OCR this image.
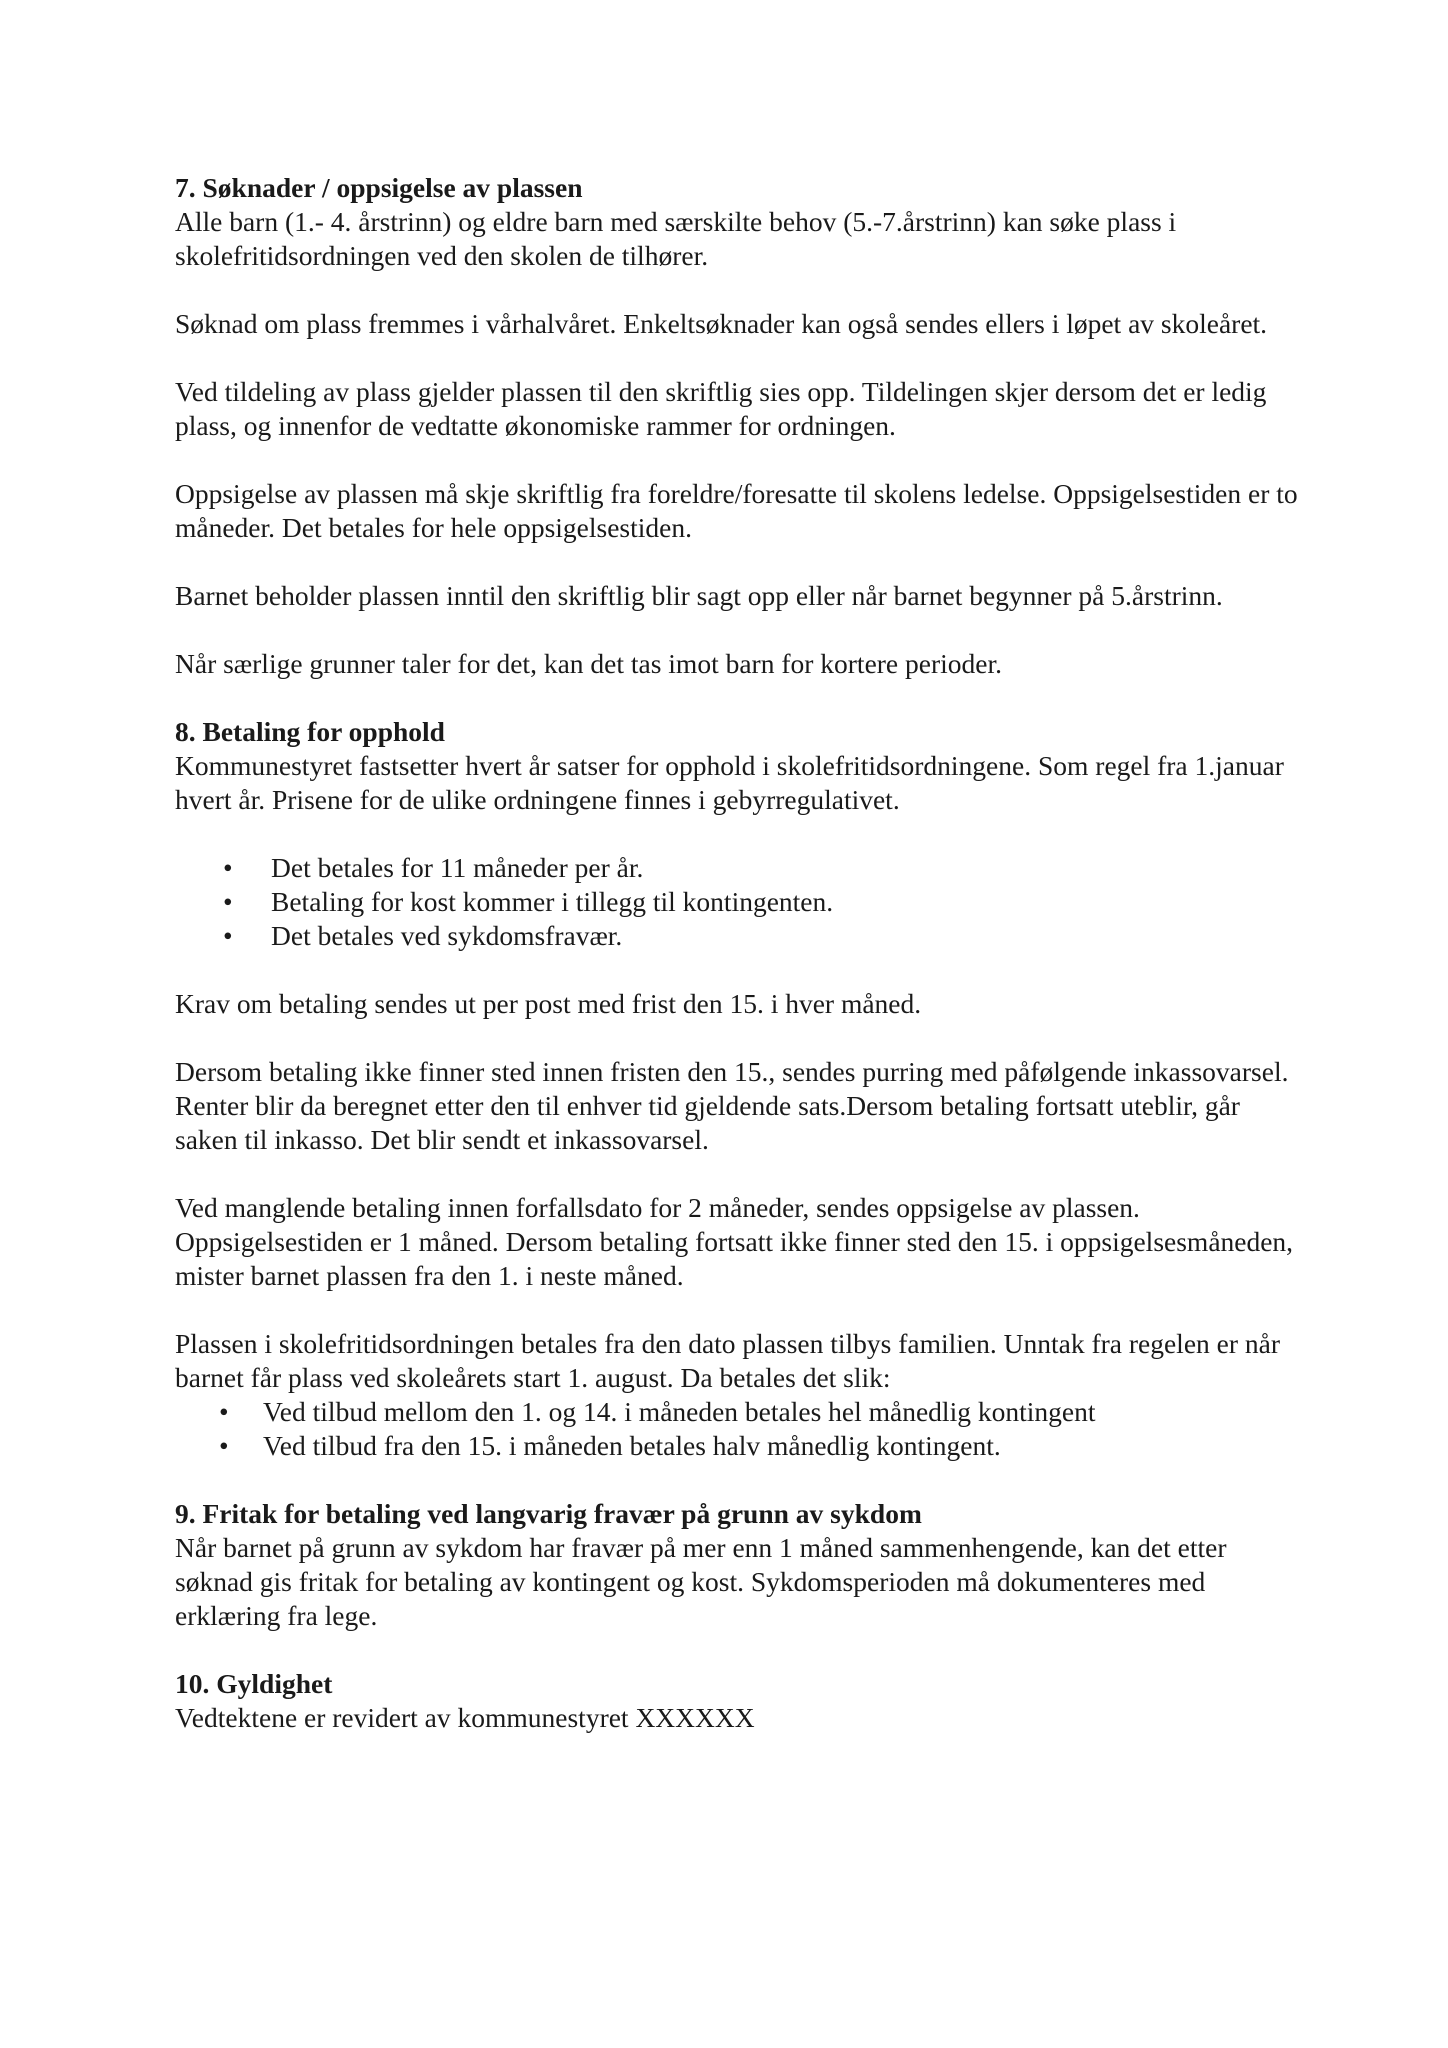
7. Søknader / oppsigelse av plassen

Alle barn (1.- 4. årstrinn) og eldre barn med særskilte behov (5.-7.årstrinn) kan søke plass i skolefritidsordningen ved den skolen de tilhører.

Søknad om plass fremmes i vårhalvåret. Enkeltsøknader kan også sendes ellers i løpet av skoleåret.

Ved tildeling av plass gjelder plassen til den skriftlig sies opp. Tildelingen skjer dersom det er ledig plass, og innenfor de vedtatte økonomiske rammer for ordningen.

Oppsigelse av plassen må skje skriftlig fra foreldre/foresatte til skolens ledelse. Oppsigelsestiden er to måneder. Det betales for hele oppsigelsestiden.

Barnet beholder plassen inntil den skriftlig blir sagt opp eller når barnet begynner på 5.årstrinn.

Når særlige grunner taler for det, kan det tas imot barn for kortere perioder.

8. Betaling for opphold

Kommunestyret fastsetter hvert år satser for opphold i skolefritidsordningene. Som regel fra 1.januar hvert år. Prisene for de ulike ordningene finnes i gebyrregulativet.

• Det betales for 11 måneder per år.
• Betaling for kost kommer i tillegg til kontingenten.
• Det betales ved sykdomsfravær.

Krav om betaling sendes ut per post med frist den 15. i hver måned.

Dersom betaling ikke finner sted innen fristen den 15., sendes purring med påfølgende inkassovarsel. Renter blir da beregnet etter den til enhver tid gjeldende sats.Dersom betaling fortsatt uteblir, går saken til inkasso. Det blir sendt et inkassovarsel.

Ved manglende betaling innen forfallsdato for 2 måneder, sendes oppsigelse av plassen. Oppsigelsestiden er 1 måned. Dersom betaling fortsatt ikke finner sted den 15. i oppsigelsesmåneden, mister barnet plassen fra den 1. i neste måned.

Plassen i skolefritidsordningen betales fra den dato plassen tilbys familien. Unntak fra regelen er når barnet får plass ved skoleårets start 1. august. Da betales det slik:

• Ved tilbud mellom den 1. og 14. i måneden betales hel månedlig kontingent
• Ved tilbud fra den 15. i måneden betales halv månedlig kontingent.

9. Fritak for betaling ved langvarig fravær på grunn av sykdom

Når barnet på grunn av sykdom har fravær på mer enn 1 måned sammenhengende, kan det etter søknad gis fritak for betaling av kontingent og kost. Sykdomsperioden må dokumenteres med erklæring fra lege.

10. Gyldighet

Vedtektene er revidert av kommunestyret XXXXXX
